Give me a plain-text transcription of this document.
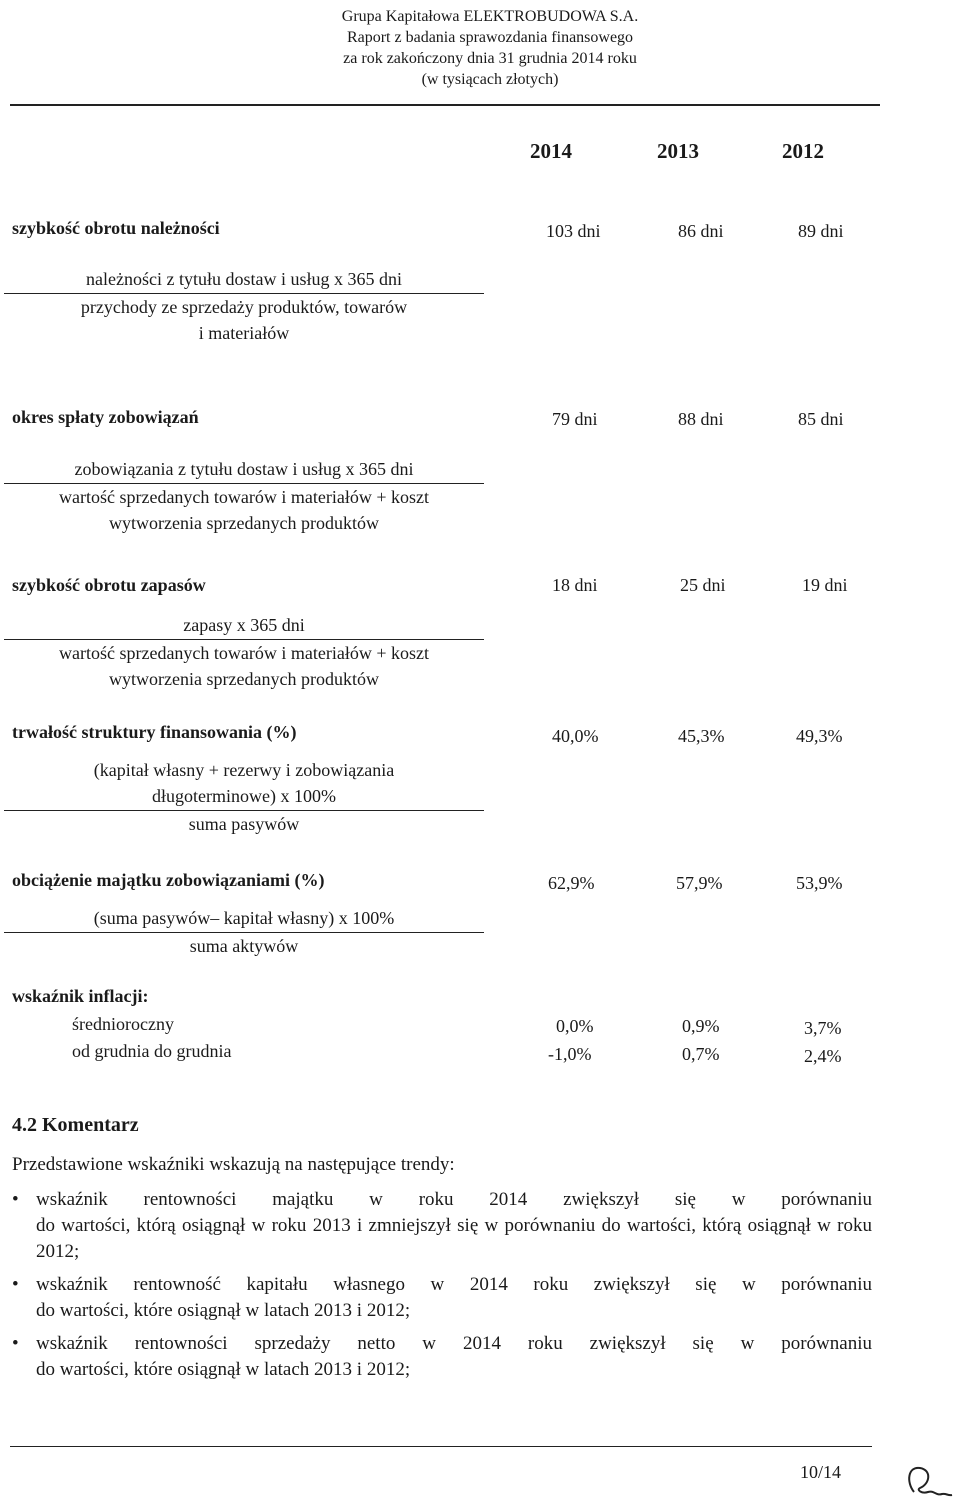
Grupa Kapitałowa ELEKTROBUDOWA S.A.
Raport z badania sprawozdania finansowego
za rok zakończony dnia 31 grudnia 2014 roku
(w tysiącach złotych)
2014	2013	2012
szybkość obrotu należności	103 dni	86 dni	89 dni
należności z tytułu dostaw i usług x 365 dni
przychody ze sprzedaży produktów, towarów
i materiałów
okres spłaty zobowiązań	79 dni	88 dni	85 dni
zobowiązania z tytułu dostaw i usług x 365 dni
wartość sprzedanych towarów i materiałów + koszt
wytworzenia sprzedanych produktów
szybkość obrotu zapasów	18 dni	25 dni	19 dni
zapasy x 365 dni
wartość sprzedanych towarów i materiałów + koszt
wytworzenia sprzedanych produktów
trwałość struktury finansowania (%)	40,0%	45,3%	49,3%
(kapitał własny + rezerwy i zobowiązania
długoterminowe) x 100%
suma pasywów
obciążenie majątku zobowiązaniami (%)	62,9%	57,9%	53,9%
(suma pasywów– kapitał własny) x 100%
suma aktywów
wskaźnik inflacji:
średnioroczny	0,0%	0,9%	3,7%
od grudnia do grudnia	-1,0%	0,7%	2,4%
4.2 Komentarz
Przedstawione wskaźniki wskazują na następujące trendy:
• wskaźnik rentowności majątku w roku 2014 zwiększył się w porównaniu
do wartości, którą osiągnął w roku 2013 i zmniejszył się w porównaniu do wartości, którą osiągnął w roku 2012;
• wskaźnik rentowność kapitału własnego w 2014 roku zwiększył się w porównaniu
do wartości, które osiągnął w latach 2013 i 2012;
• wskaźnik rentowności sprzedaży netto w 2014 roku zwiększył się w porównaniu
do wartości, które osiągnął w latach 2013 i 2012;
10/14
